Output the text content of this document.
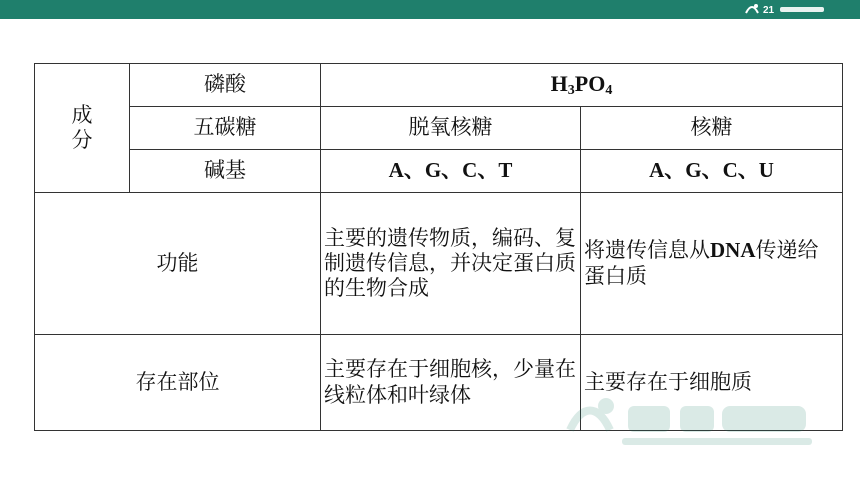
21
成
分	磷酸	$H_3PO_4$
	五碳糖	脱氧核糖	核糖
	碱基	A、G、C、T	A、G、C、U
功能		主要的遗传物质，编码、复制遗传信息，并决定蛋白质的生物合成	将遗传信息从DNA传递给蛋白质
存在部位		主要存在于细胞核，少量在线粒体和叶绿体	主要存在于细胞质
